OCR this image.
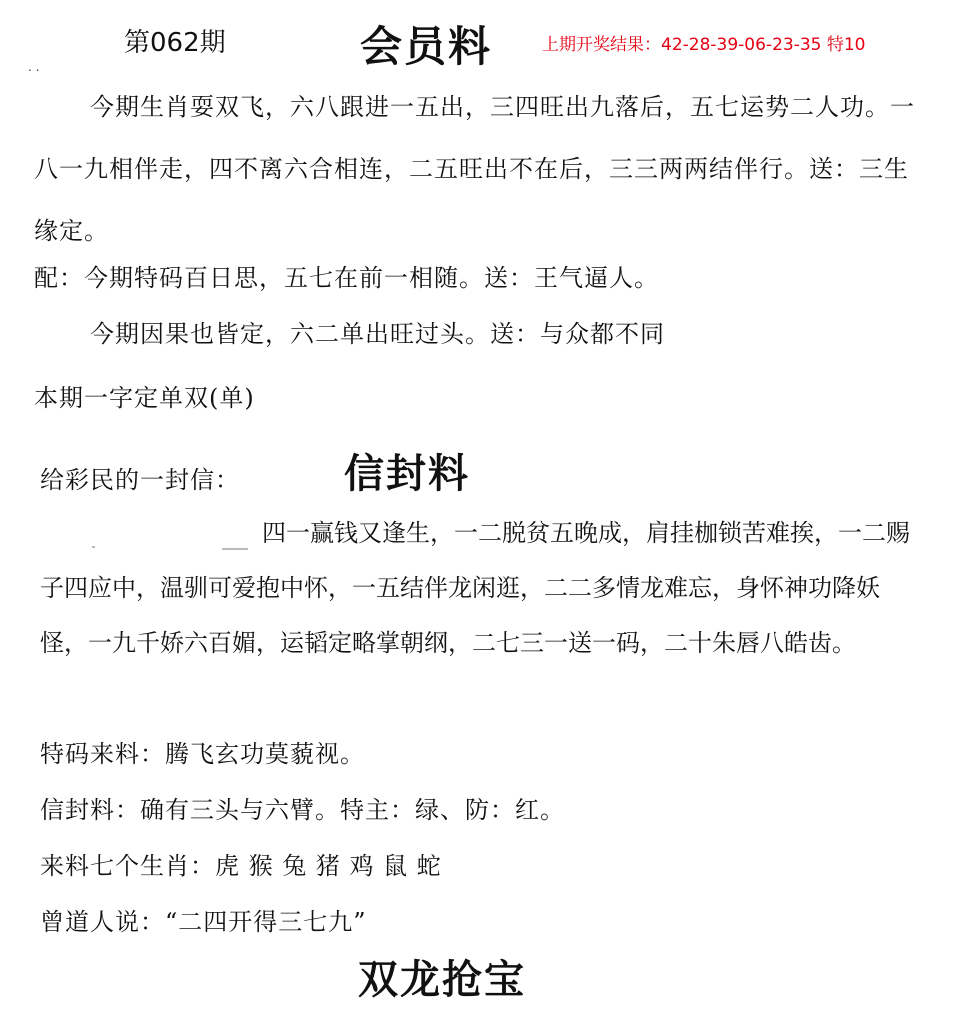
第062期	会员料	上期开奖结果：42-28-39-06-23-35 特10
. .

今期生肖耍双飞，六八跟进一五出，三四旺出九落后，五七运势二人功。一八一九相伴走，四不离六合相连，二五旺出不在后，三三两两结伴行。送：三生缘定。

配：今期特码百日思，五七在前一相随。送：王气逼人。
今期因果也皆定，六二单出旺过头。送：与众都不同
本期一字定单双(单)
给彩民的一封信：	信封料

四一赢钱又逢生，一二脱贫五晚成，肩挂枷锁苦难挨，一二赐子四应中，温驯可爱抱中怀，一五结伴龙闲逛，二二多情龙难忘，身怀神功降妖怪，一九千娇六百媚，运韬定略掌朝纲，二七三一送一码，二十朱唇八皓齿。

特码来料：腾飞玄功莫藐视。
信封料：确有三头与六臂。特主：绿、防：红。
来料七个生肖：虎 猴 兔 猪 鸡 鼠 蛇
曾道人说：“二四开得三七九”
双龙抢宝
